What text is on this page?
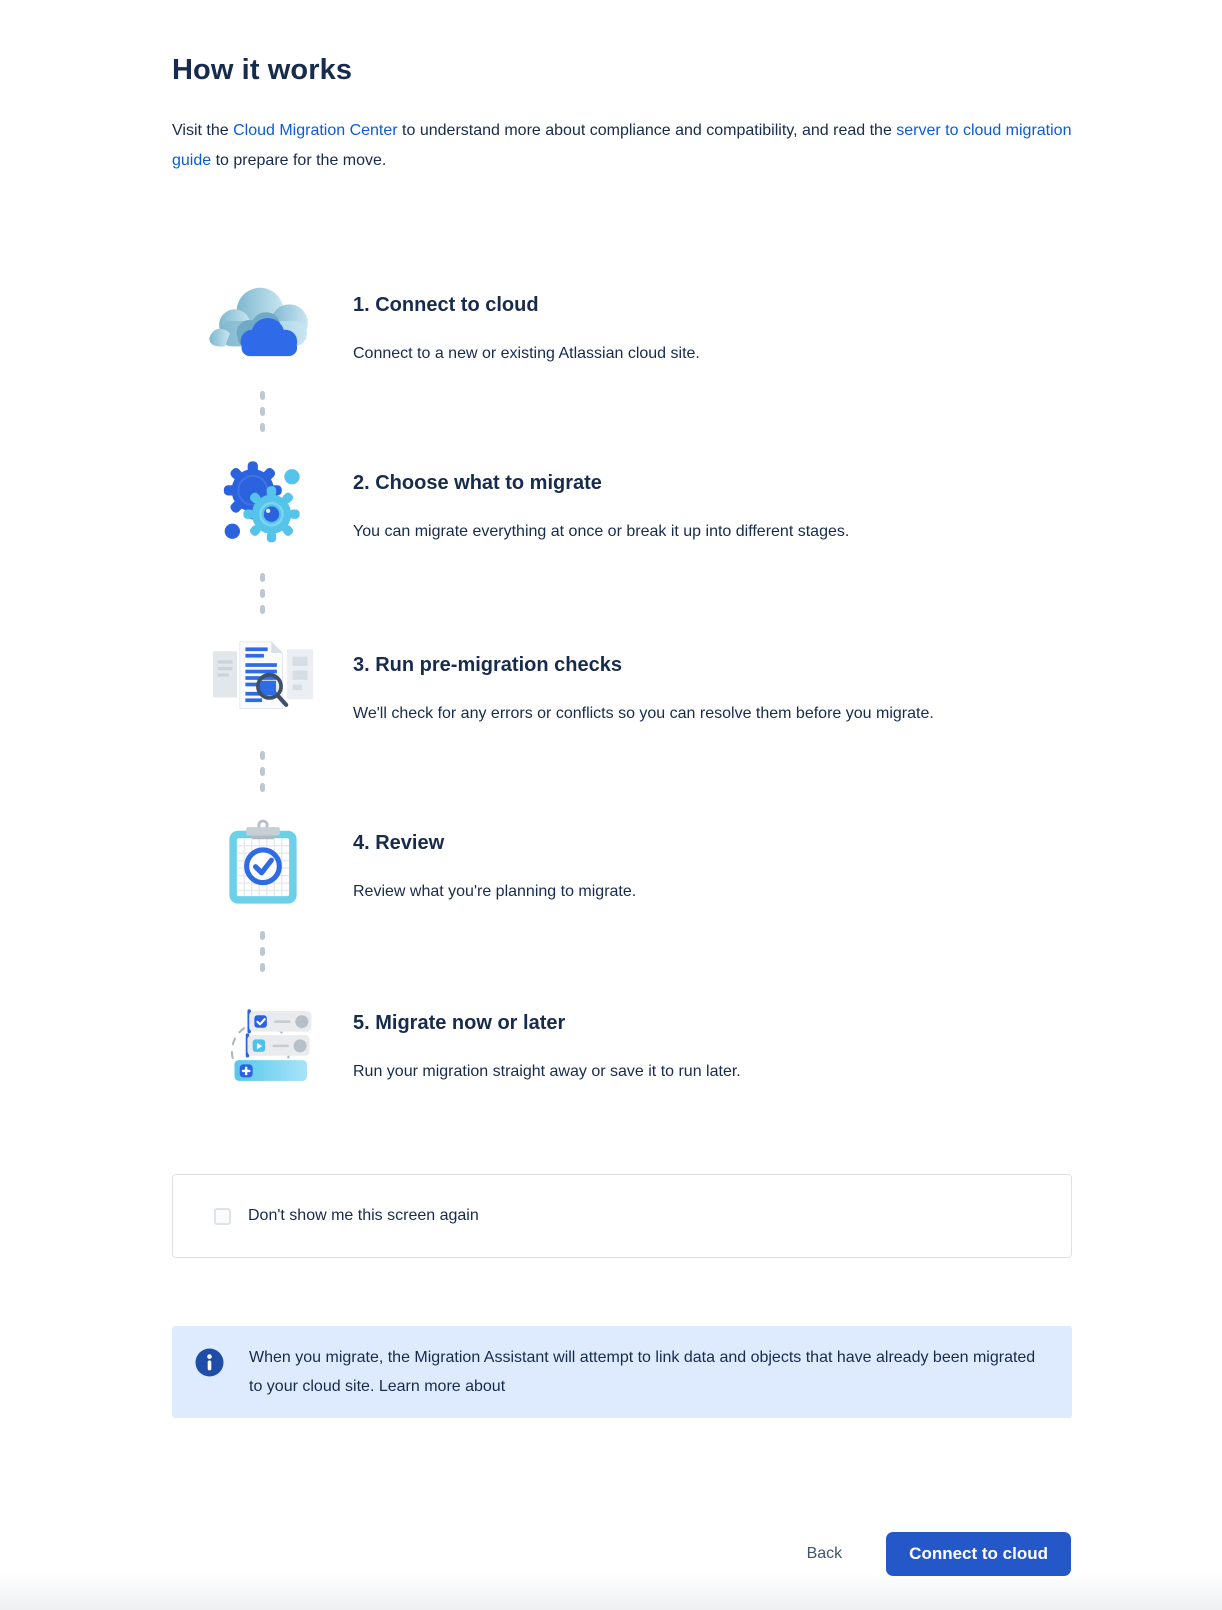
How it works

Visit the Cloud Migration Center to understand more about compliance and compatibility, and read the server to cloud migration guide to prepare for the move.

1. Connect to cloud
Connect to a new or existing Atlassian cloud site.
2. Choose what to migrate
You can migrate everything at once or break it up into different stages.
3. Run pre-migration checks
We'll check for any errors or conflicts so you can resolve them before you migrate.
4. Review
Review what you're planning to migrate.
5. Migrate now or later
Run your migration straight away or save it to run later.
Don't show me this screen again
When you migrate, the Migration Assistant will attempt to link data and objects that have already been migrated to your cloud site. Learn more about
Back	Connect to cloud
